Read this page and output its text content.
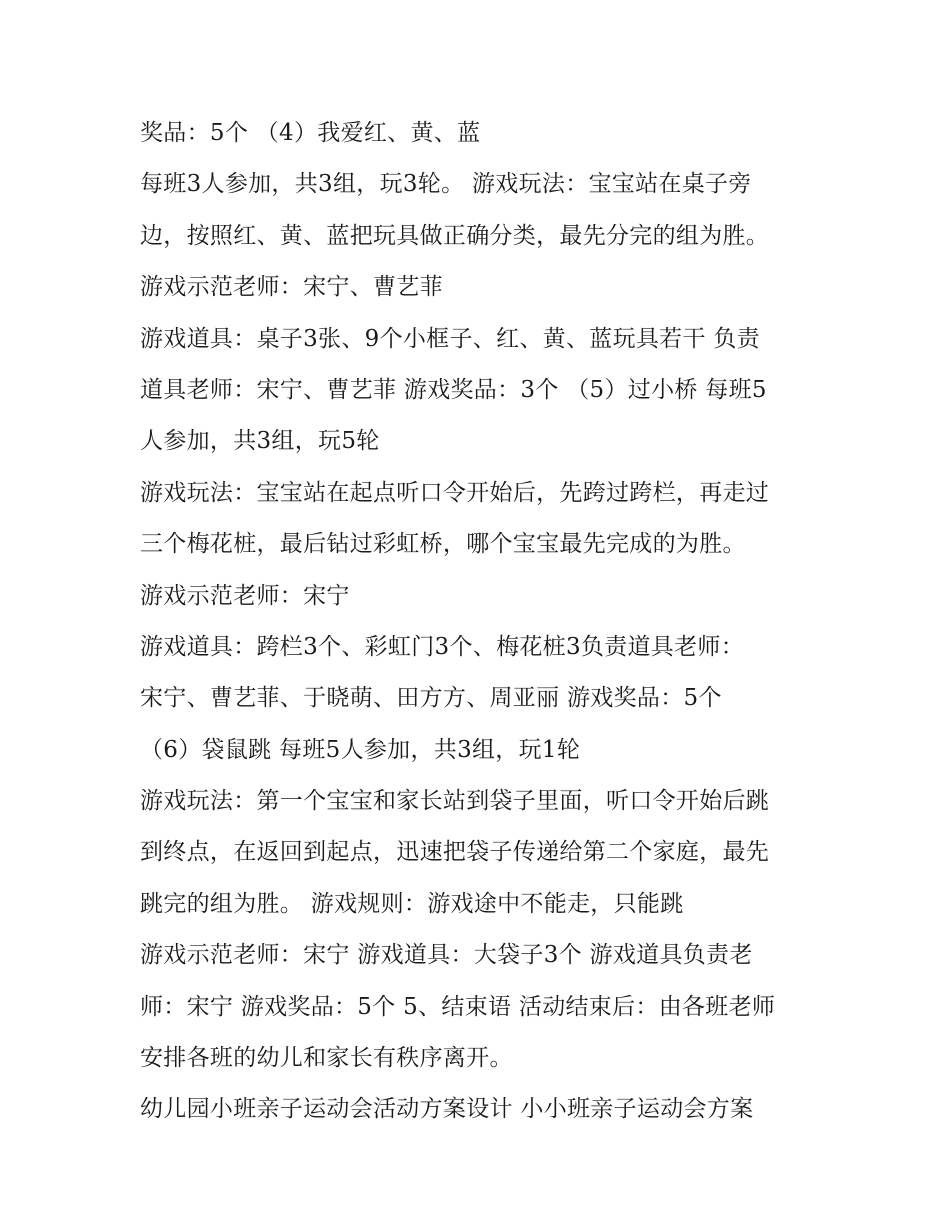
奖品：5个 （4）我爱红、黄、蓝
每班3人参加，共3组，玩3轮。 游戏玩法：宝宝站在桌子旁
边，按照红、黄、蓝把玩具做正确分类，最先分完的组为胜。
游戏示范老师：宋宁、曹艺菲
游戏道具：桌子3张、9个小框子、红、黄、蓝玩具若干 负责
道具老师：宋宁、曹艺菲 游戏奖品：3个 （5）过小桥 每班5
人参加，共3组，玩5轮
游戏玩法：宝宝站在起点听口令开始后，先跨过跨栏，再走过
三个梅花桩，最后钻过彩虹桥，哪个宝宝最先完成的为胜。
游戏示范老师：宋宁
游戏道具：跨栏3个、彩虹门3个、梅花桩3负责道具老师：
宋宁、曹艺菲、于晓萌、田方方、周亚丽 游戏奖品：5个
（6）袋鼠跳 每班5人参加，共3组，玩1轮
游戏玩法：第一个宝宝和家长站到袋子里面，听口令开始后跳
到终点，在返回到起点，迅速把袋子传递给第二个家庭，最先
跳完的组为胜。 游戏规则：游戏途中不能走，只能跳
游戏示范老师：宋宁 游戏道具：大袋子3个 游戏道具负责老
师：宋宁 游戏奖品：5个 5、结束语 活动结束后：由各班老师
安排各班的幼儿和家长有秩序离开。
幼儿园小班亲子运动会活动方案设计 小小班亲子运动会方案
